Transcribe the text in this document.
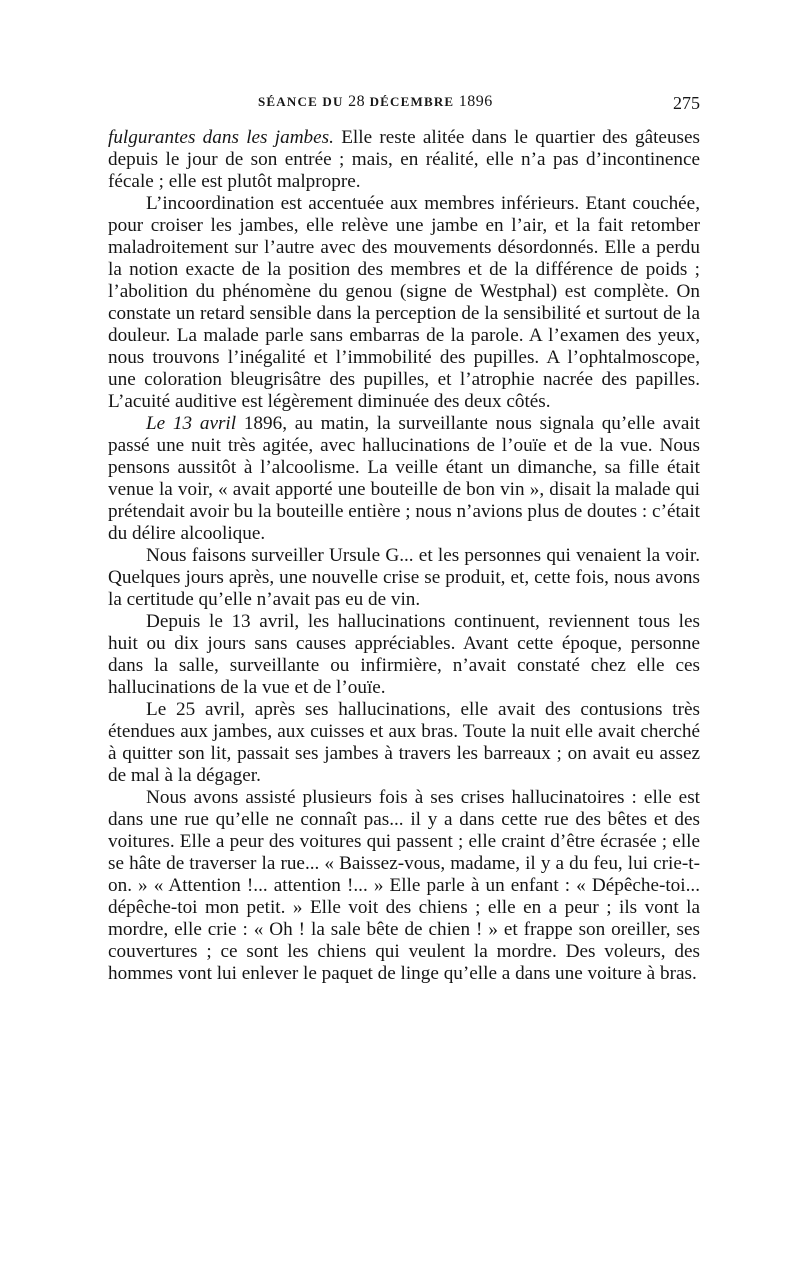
SÉANCE DU 28 DÉCEMBRE 1896	275

fulgurantes dans les jambes. Elle reste alitée dans le quartier des gâteuses depuis le jour de son entrée ; mais, en réalité, elle n’a pas d’incontinence fécale ; elle est plutôt malpropre.

L’incoordination est accentuée aux membres inférieurs. Etant couchée, pour croiser les jambes, elle relève une jambe en l’air, et la fait retomber maladroitement sur l’autre avec des mouvements désordonnés. Elle a perdu la notion exacte de la position des membres et de la différence de poids ; l’abolition du phénomène du genou (signe de Westphal) est complète. On constate un retard sensible dans la perception de la sensibilité et surtout de la douleur. La malade parle sans embarras de la parole. A l’examen des yeux, nous trouvons l’inégalité et l’immobilité des pupilles. A l’ophtalmoscope, une coloration bleugrisâtre des pupilles, et l’atrophie nacrée des papilles. L’acuité auditive est légèrement diminuée des deux côtés.

Le 13 avril 1896, au matin, la surveillante nous signala qu’elle avait passé une nuit très agitée, avec hallucinations de l’ouïe et de la vue. Nous pensons aussitôt à l’alcoolisme. La veille étant un dimanche, sa fille était venue la voir, « avait apporté une bouteille de bon vin », disait la malade qui prétendait avoir bu la bouteille entière ; nous n’avions plus de doutes : c’était du délire alcoolique.

Nous faisons surveiller Ursule G... et les personnes qui venaient la voir. Quelques jours après, une nouvelle crise se produit, et, cette fois, nous avons la certitude qu’elle n’avait pas eu de vin.

Depuis le 13 avril, les hallucinations continuent, reviennent tous les huit ou dix jours sans causes appréciables. Avant cette époque, personne dans la salle, surveillante ou infirmière, n’avait constaté chez elle ces hallucinations de la vue et de l’ouïe.

Le 25 avril, après ses hallucinations, elle avait des contusions très étendues aux jambes, aux cuisses et aux bras. Toute la nuit elle avait cherché à quitter son lit, passait ses jambes à travers les barreaux ; on avait eu assez de mal à la dégager.

Nous avons assisté plusieurs fois à ses crises hallucinatoires : elle est dans une rue qu’elle ne connaît pas... il y a dans cette rue des bêtes et des voitures. Elle a peur des voitures qui passent ; elle craint d’être écrasée ; elle se hâte de traverser la rue... « Baissez-vous, madame, il y a du feu, lui crie-t-on. » « Attention !... attention !... » Elle parle à un enfant : « Dépêche-toi... dépêche-toi mon petit. » Elle voit des chiens ; elle en a peur ; ils vont la mordre, elle crie : « Oh ! la sale bête de chien ! » et frappe son oreiller, ses couvertures ; ce sont les chiens qui veulent la mordre. Des voleurs, des hommes vont lui enlever le paquet de linge qu’elle a dans une voiture à bras.
